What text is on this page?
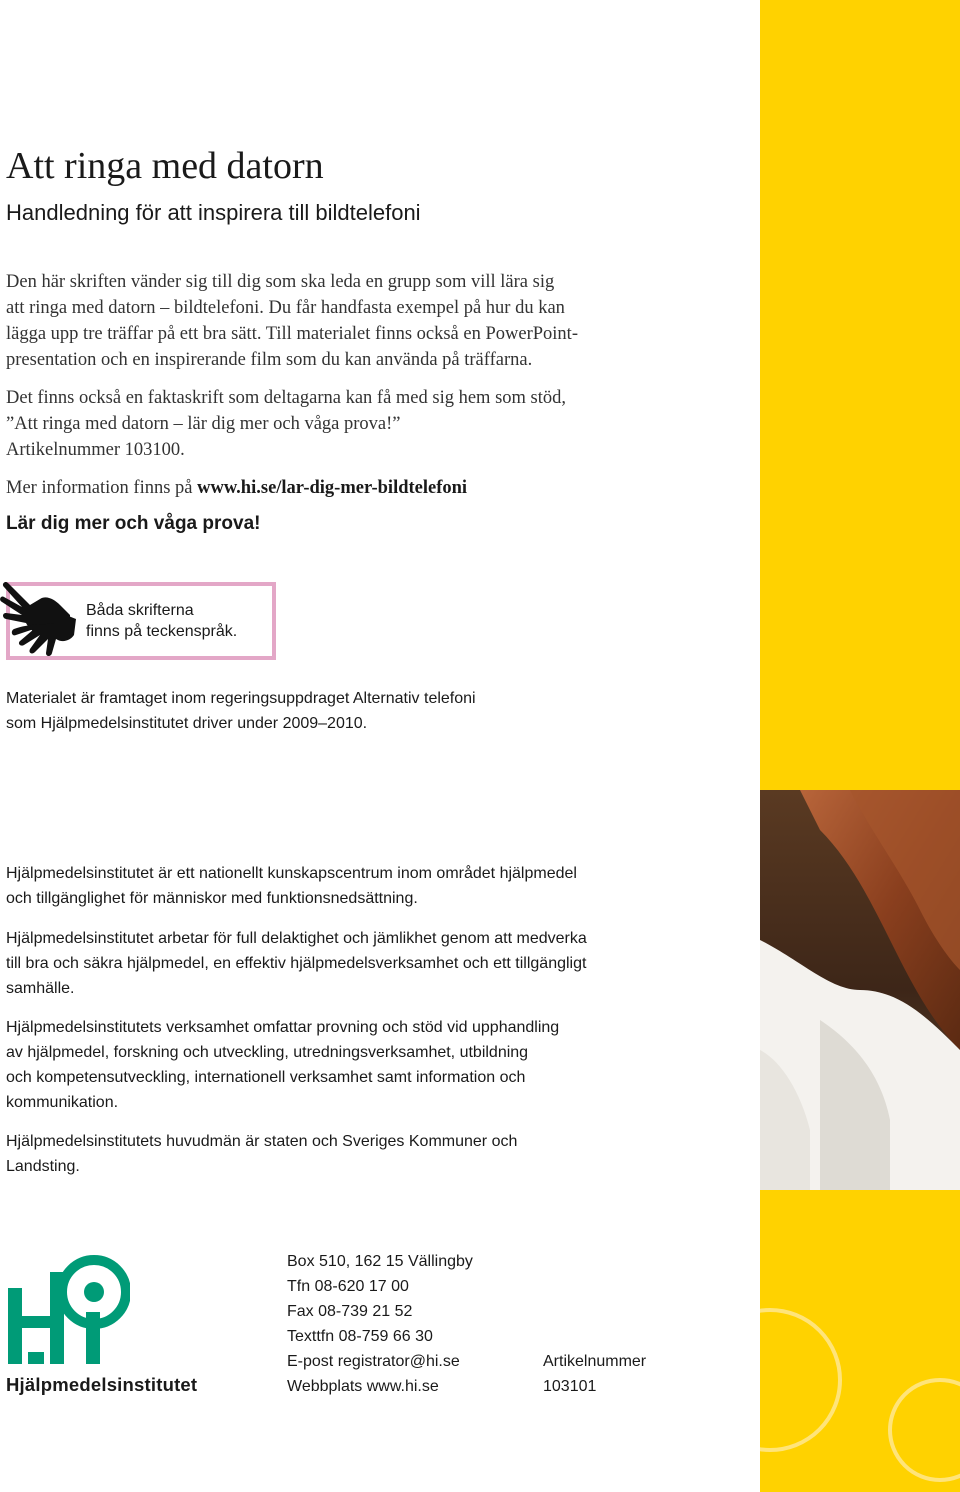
Att ringa med datorn
Handledning för att inspirera till bildtelefoni
Den här skriften vänder sig till dig som ska leda en grupp som vill lära sig
att ringa med datorn – bildtelefoni. Du får handfasta exempel på hur du kan
lägga upp tre träffar på ett bra sätt. Till materialet finns också en PowerPoint-
presentation och en inspirerande film som du kan använda på träffarna.
Det finns också en faktaskrift som deltagarna kan få med sig hem som stöd,
”Att ringa med datorn – lär dig mer och våga prova!”
Artikelnummer 103100.
Mer information finns på www.hi.se/lar-dig-mer-bildtelefoni
Lär dig mer och våga prova!
Båda skrifterna
finns på teckenspråk.
Materialet är framtaget inom regeringsuppdraget Alternativ telefoni
som Hjälpmedelsinstitutet driver under 2009–2010.
Hjälpmedelsinstitutet är ett nationellt kunskapscentrum inom området hjälpmedel
och tillgänglighet för människor med funktionsnedsättning.
Hjälpmedelsinstitutet arbetar för full delaktighet och jämlikhet genom att medverka
till bra och säkra hjälpmedel, en effektiv hjälpmedelsverksamhet och ett tillgängligt
samhälle.
Hjälpmedelsinstitutets verksamhet omfattar provning och stöd vid upphandling
av hjälpmedel, forskning och utveckling, utredningsverksamhet, utbildning
och kompetensutveckling, internationell verksamhet samt information och
kommunikation.
Hjälpmedelsinstitutets huvudmän är staten och Sveriges Kommuner och
Landsting.
Hjälpmedelsinstitutet
Box 510, 162 15 Vällingby
Tfn 08-620 17 00
Fax 08-739 21 52
Texttfn 08-759 66 30
E-post registrator@hi.se
Webbplats www.hi.se
Artikelnummer
103101
